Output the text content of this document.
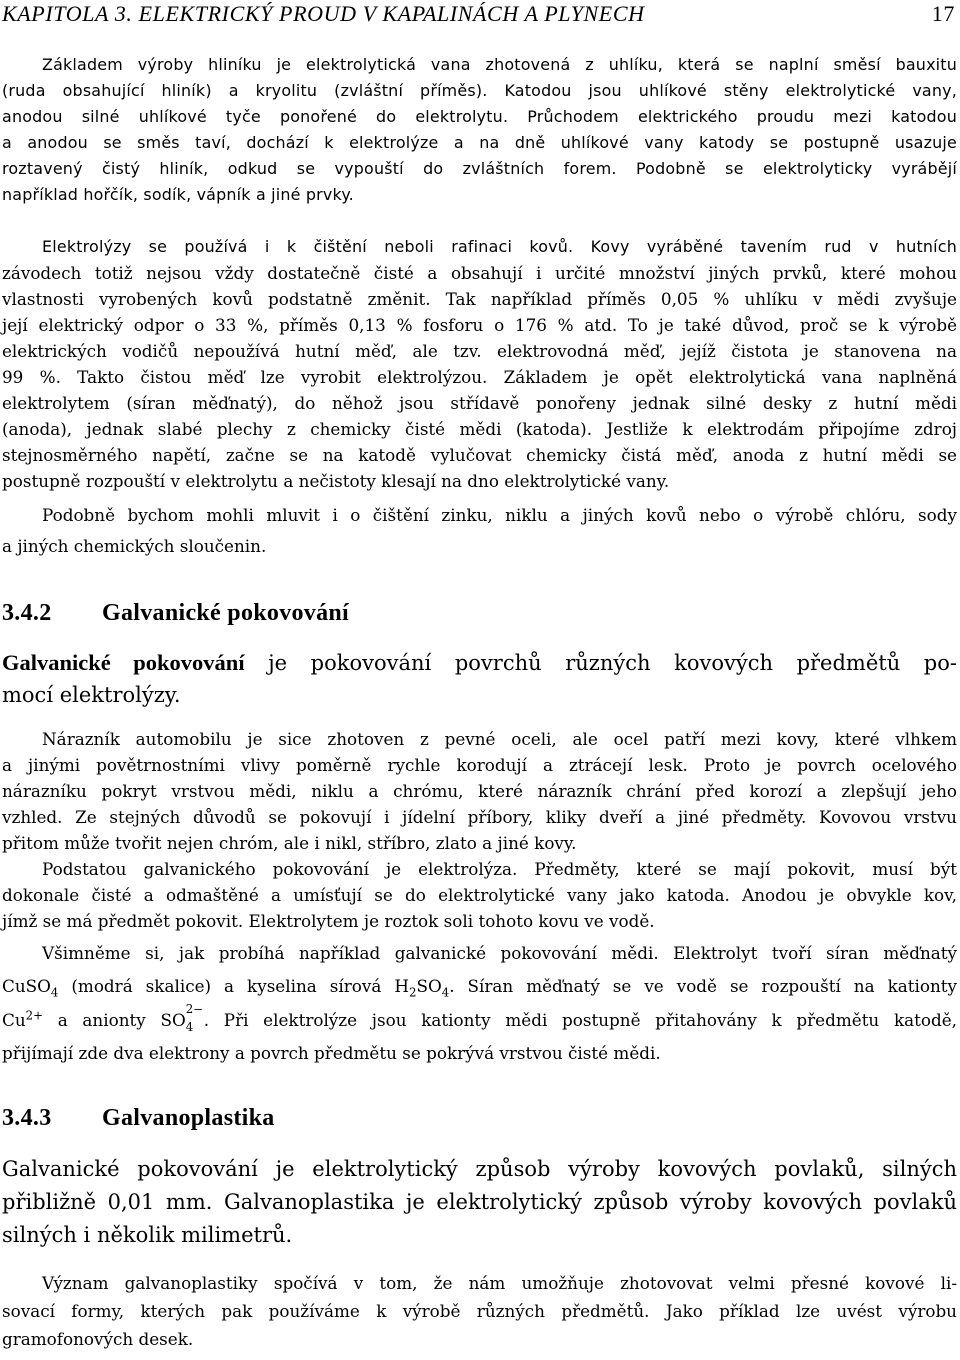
KAPITOLA 3. ELEKTRICKÝ PROUD V KAPALINÁCH A PLYNECH	17
Základem výroby hliníku je elektrolytická vana zhotovená z uhlíku, která se naplní směsí bauxitu
(ruda obsahující hliník) a kryolitu (zvláštní příměs). Katodou jsou uhlíkové stěny elektrolytické vany,
anodou silné uhlíkové tyče ponořené do elektrolytu. Průchodem elektrického proudu mezi katodou
a anodou se směs taví, dochází k elektrolýze a na dně uhlíkové vany katody se postupně usazuje
roztavený čistý hliník, odkud se vypouští do zvláštních forem. Podobně se elektrolyticky vyrábějí
například hořčík, sodík, vápník a jiné prvky.
Elektrolýzy se používá i k čištění neboli rafinaci kovů. Kovy vyráběné tavením rud v hutních
závodech totiž nejsou vždy dostatečně čisté a obsahují i určité množství jiných prvků, které mohou
vlastnosti vyrobených kovů podstatně změnit. Tak například příměs 0,05 % uhlíku v mědi zvyšuje
její elektrický odpor o 33 %, příměs 0,13 % fosforu o 176 % atd. To je také důvod, proč se k výrobě
elektrických vodičů nepoužívá hutní měď, ale tzv. elektrovodná měď, jejíž čistota je stanovena na
99 %. Takto čistou měď lze vyrobit elektrolýzou. Základem je opět elektrolytická vana naplněná
elektrolytem (síran měďnatý), do něhož jsou střídavě ponořeny jednak silné desky z hutní mědi
(anoda), jednak slabé plechy z chemicky čisté mědi (katoda). Jestliže k elektrodám připojíme zdroj
stejnosměrného napětí, začne se na katodě vylučovat chemicky čistá měď, anoda z hutní mědi se
postupně rozpouští v elektrolytu a nečistoty klesají na dno elektrolytické vany.
Podobně bychom mohli mluvit i o čištění zinku, niklu a jiných kovů nebo o výrobě chlóru, sody
a jiných chemických sloučenin.
3.4.2 Galvanické pokovování
Galvanické pokovování je pokovování povrchů různých kovových předmětů po-
mocí elektrolýzy.
Nárazník automobilu je sice zhotoven z pevné oceli, ale ocel patří mezi kovy, které vlhkem
a jinými povětrnostními vlivy poměrně rychle korodují a ztrácejí lesk. Proto je povrch ocelového
nárazníku pokryt vrstvou mědi, niklu a chrómu, které nárazník chrání před korozí a zlepšují jeho
vzhled. Ze stejných důvodů se pokovují i jídelní příbory, kliky dveří a jiné předměty. Kovovou vrstvu
přitom může tvořit nejen chróm, ale i nikl, stříbro, zlato a jiné kovy.
Podstatou galvanického pokovování je elektrolýza. Předměty, které se mají pokovit, musí být
dokonale čisté a odmaštěné a umísťují se do elektrolytické vany jako katoda. Anodou je obvykle kov,
jímž se má předmět pokovit. Elektrolytem je roztok soli tohoto kovu ve vodě.
Všimněme si, jak probíhá například galvanické pokovování mědi. Elektrolyt tvoří síran měďnatý
CuSO$_4$ (modrá skalice) a kyselina sírová $H_2SO_4$. Síran měďnatý se ve vodě se rozpouští na kationty
$Cu^{2+}$ a anionty SO
2−
4 . Při elektrolýze jsou kationty mědi postupně přitahovány k předmětu katodě,
přijímají zde dva elektrony a povrch předmětu se pokrývá vrstvou čisté mědi.
3.4.3 Galvanoplastika
Galvanické pokovování je elektrolytický způsob výroby kovových povlaků, silných
přibližně 0,01 mm. Galvanoplastika je elektrolytický způsob výroby kovových povlaků
silných i několik milimetrů.
Význam galvanoplastiky spočívá v tom, že nám umožňuje zhotovovat velmi přesné kovové li-
sovací formy, kterých pak používáme k výrobě různých předmětů. Jako příklad lze uvést výrobu
gramofonových desek.
